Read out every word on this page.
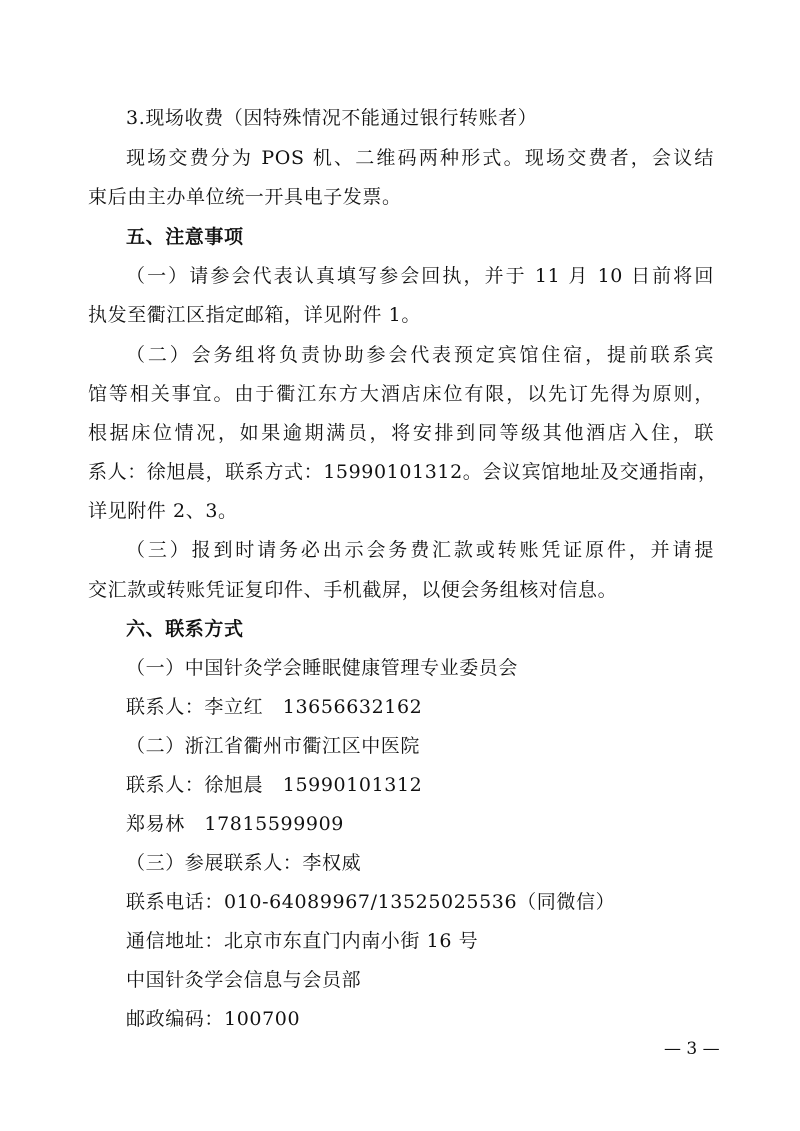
3.现场收费（因特殊情况不能通过银行转账者）
现场交费分为 POS 机、二维码两种形式。现场交费者，会议结
束后由主办单位统一开具电子发票。
五、注意事项
（一）请参会代表认真填写参会回执，并于 11 月 10 日前将回
执发至衢江区指定邮箱，详见附件 1。
（二）会务组将负责协助参会代表预定宾馆住宿，提前联系宾
馆等相关事宜。由于衢江东方大酒店床位有限，以先订先得为原则，
根据床位情况，如果逾期满员，将安排到同等级其他酒店入住，联
系人：徐旭晨，联系方式：15990101312。会议宾馆地址及交通指南，
详见附件 2、3。
（三）报到时请务必出示会务费汇款或转账凭证原件，并请提
交汇款或转账凭证复印件、手机截屏，以便会务组核对信息。
六、联系方式
（一）中国针灸学会睡眠健康管理专业委员会
联系人：李立红　13656632162
（二）浙江省衢州市衢江区中医院
联系人：徐旭晨　15990101312
郑易林　17815599909
（三）参展联系人：李权威
联系电话：010-64089967/13525025536（同微信）
通信地址：北京市东直门内南小街 16 号
中国针灸学会信息与会员部
邮政编码：100700
— 3 —
